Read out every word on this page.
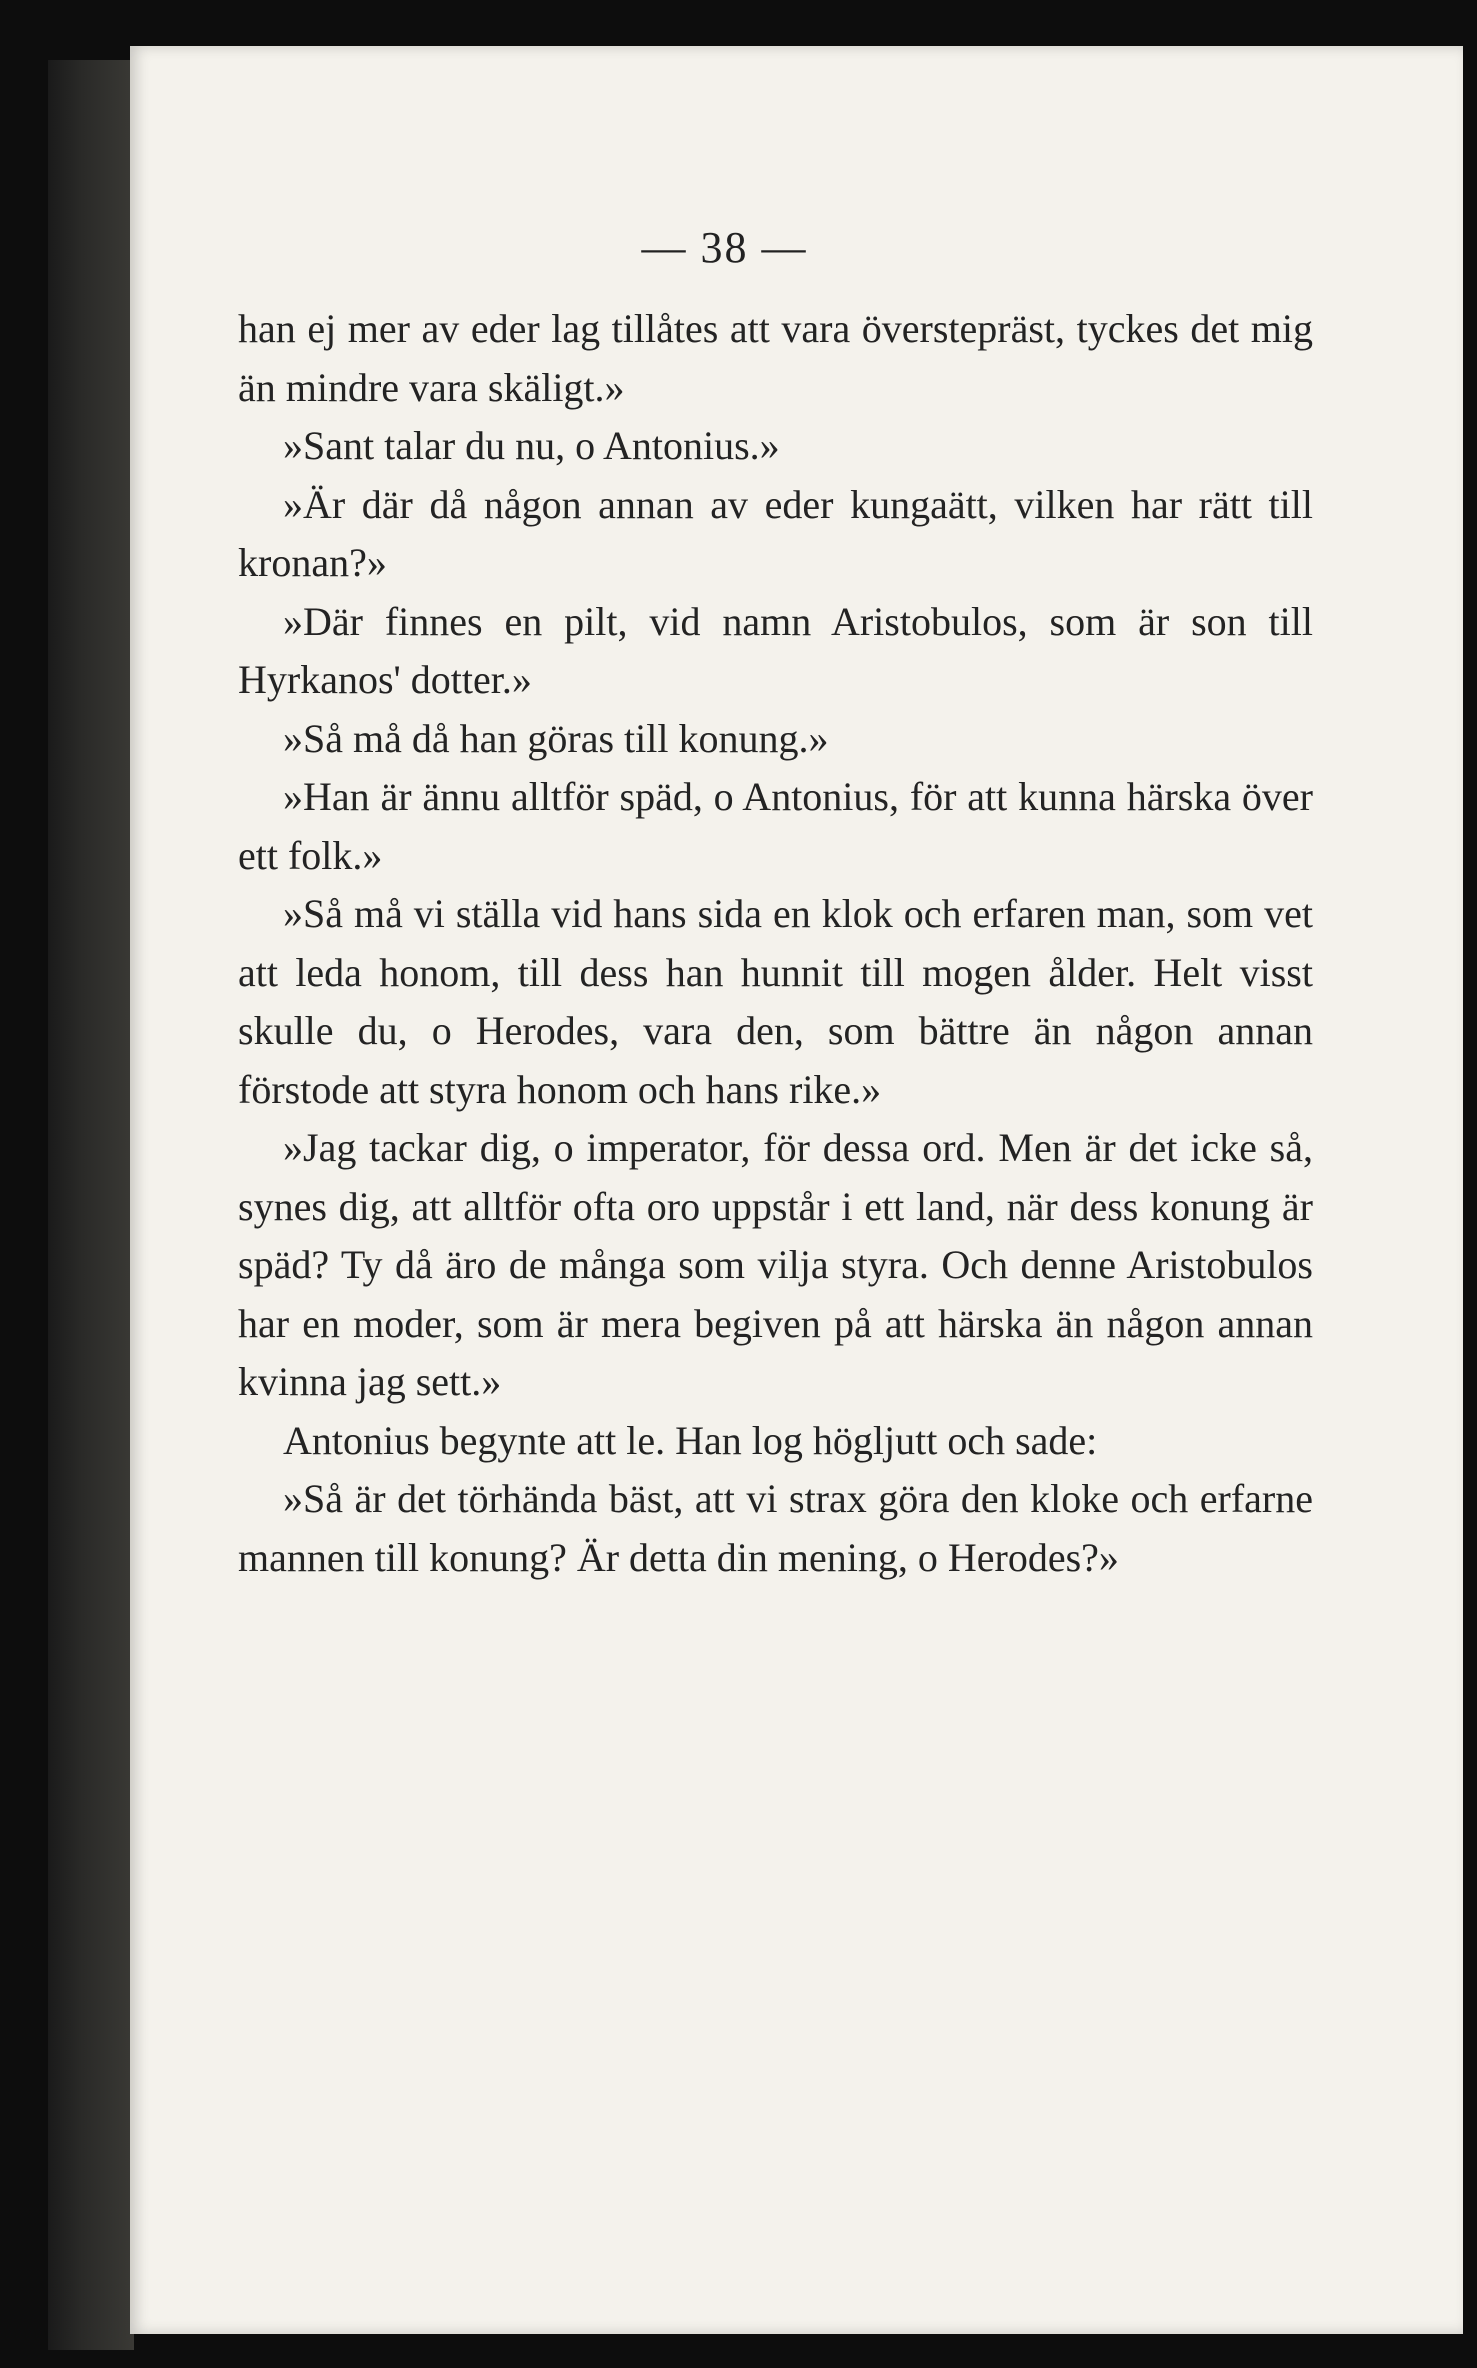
— 38 —

han ej mer av eder lag tillåtes att vara överstepräst, tyckes det mig än mindre vara skäligt.»

»Sant talar du nu, o Antonius.»

»Är där då någon annan av eder kungaätt, vilken har rätt till kronan?»

»Där finnes en pilt, vid namn Aristobulos, som är son till Hyrkanos' dotter.»

»Så må då han göras till konung.»

»Han är ännu alltför späd, o Antonius, för att kunna härska över ett folk.»

»Så må vi ställa vid hans sida en klok och erfaren man, som vet att leda honom, till dess han hunnit till mogen ålder. Helt visst skulle du, o Herodes, vara den, som bättre än någon annan förstode att styra honom och hans rike.»

»Jag tackar dig, o imperator, för dessa ord. Men är det icke så, synes dig, att alltför ofta oro uppstår i ett land, när dess konung är späd? Ty då äro de många som vilja styra. Och denne Aristobulos har en moder, som är mera begiven på att härska än någon annan kvinna jag sett.»

Antonius begynte att le. Han log högljutt och sade:

»Så är det törhända bäst, att vi strax göra den kloke och erfarne mannen till konung? Är detta din mening, o Herodes?»
